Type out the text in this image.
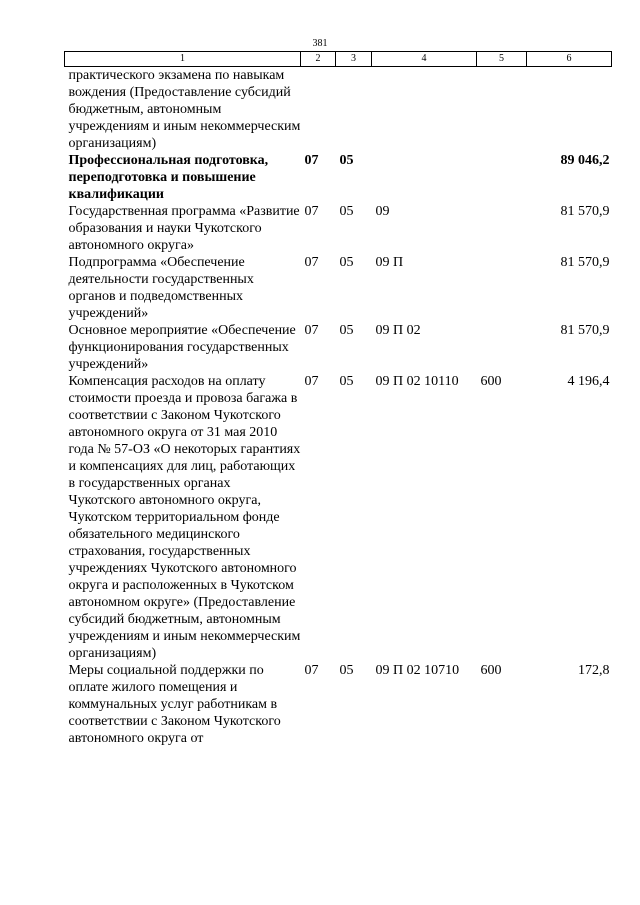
381
1	2	3	4	5	6
практического экзамена по навыкам вождения (Предоставление субсидий бюджетным, автономным учреждениям и иным некоммерческим организациям)					
Профессиональная подготовка, переподготовка и повышение квалификации	07	05			89 046,2
Государственная программа «Развитие образования и науки Чукотского автономного округа»	07	05	09		81 570,9
Подпрограмма «Обеспечение деятельности государственных органов и подведомственных учреждений»	07	05	09 П		81 570,9
Основное мероприятие «Обеспечение функционирования государственных учреждений»	07	05	09 П 02		81 570,9
Компенсация расходов на оплату стоимости проезда и провоза багажа в соответствии с Законом Чукотского автономного округа от 31 мая 2010 года № 57-ОЗ «О некоторых гарантиях и компенсациях для лиц, работающих в государственных органах Чукотского автономного округа, Чукотском территориальном фонде обязательного медицинского страхования, государственных учреждениях Чукотского автономного округа и расположенных в Чукотском автономном округе» (Предоставление субсидий бюджетным, автономным учреждениям и иным некоммерческим организациям)	07	05	09 П 02 10110	600	4 196,4
Меры социальной поддержки по оплате жилого помещения и коммунальных услуг работникам в соответствии с Законом Чукотского автономного округа от	07	05	09 П 02 10710	600	172,8
